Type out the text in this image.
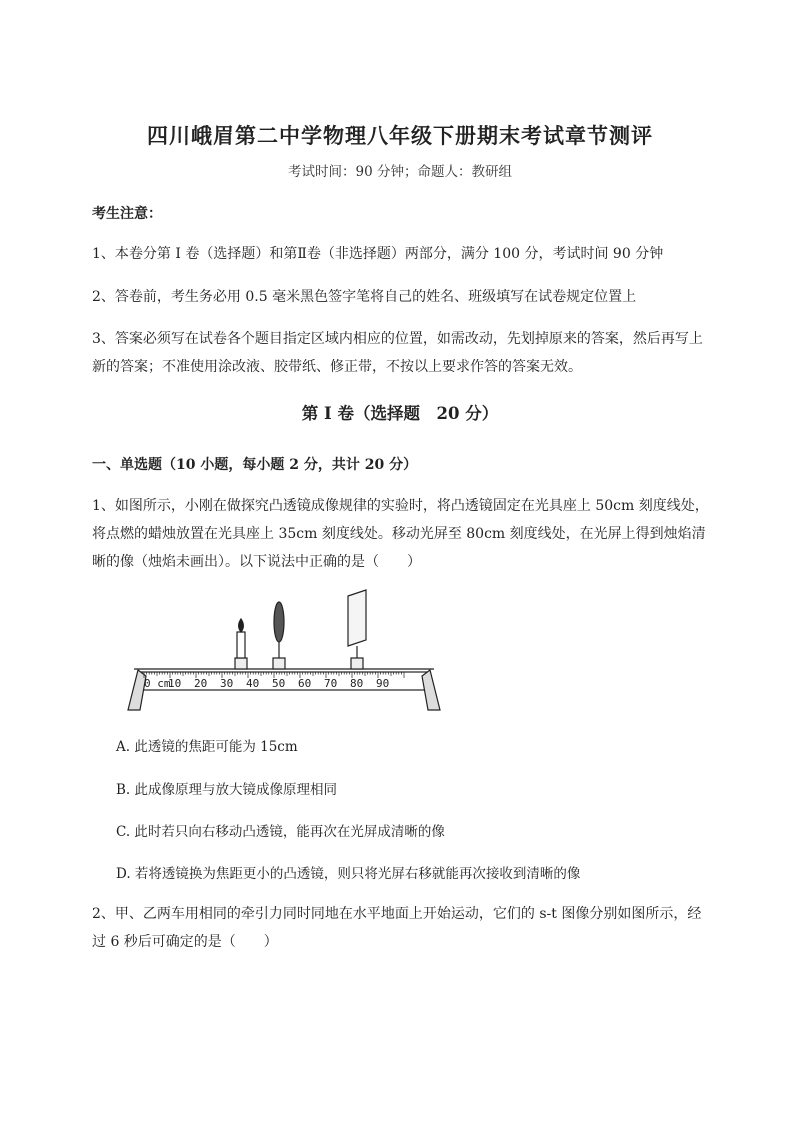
四川峨眉第二中学物理八年级下册期末考试章节测评
考试时间：90 分钟；命题人：教研组
考生注意：
1、本卷分第 I 卷（选择题）和第Ⅱ卷（非选择题）两部分，满分 100 分，考试时间 90 分钟
2、答卷前，考生务必用 0.5 毫米黑色签字笔将自己的姓名、班级填写在试卷规定位置上
3、答案必须写在试卷各个题目指定区域内相应的位置，如需改动，先划掉原来的答案，然后再写上新的答案；不准使用涂改液、胶带纸、修正带，不按以上要求作答的答案无效。
第 I 卷（选择题　20 分）
一、单选题（10 小题，每小题 2 分，共计 20 分）
1、如图所示，小刚在做探究凸透镜成像规律的实验时，将凸透镜固定在光具座上 50cm 刻度线处，将点燃的蜡烛放置在光具座上 35cm 刻度线处。移动光屏至 80cm 刻度线处，在光屏上得到烛焰清晰的像（烛焰未画出）。以下说法中正确的是（　　）
0 cm
10 20 30 40 50 60 70 80 90
A. 此透镜的焦距可能为 15cm
B. 此成像原理与放大镜成像原理相同
C. 此时若只向右移动凸透镜，能再次在光屏成清晰的像
D. 若将透镜换为焦距更小的凸透镜，则只将光屏右移就能再次接收到清晰的像
2、甲、乙两车用相同的牵引力同时同地在水平地面上开始运动，它们的 s-t 图像分别如图所示，经过 6 秒后可确定的是（　　）
